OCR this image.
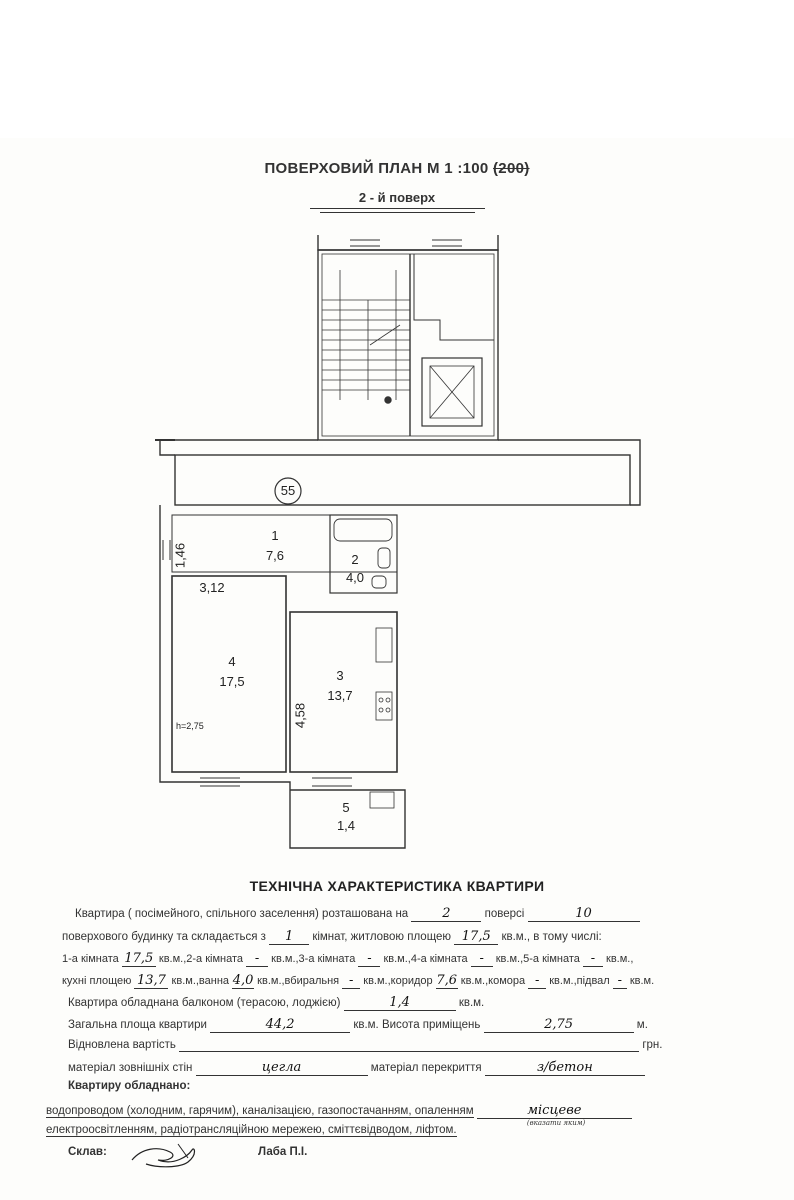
ПОВЕРХОВИЙ ПЛАН М 1 :100 (200)
2 - й поверх
55
1
7,6	2
4,0
3
13,7
4
17,5
5
1,4
1,46
3,12
4,58
h=2,75
ТЕХНІЧНА ХАРАКТЕРИСТИКА КВАРТИРИ
Квартира ( посімейного, спільного заселення) розташована на	2	поверсі	10
поверхового будинку та складається з 1 кімнат, житловою площею 17,5 кв.м., в тому числі:
1-а кімната 17,5 кв.м.,2-а кімната - кв.м.,3-а кімната - кв.м.,4-а кімната - кв.м.,5-а кімната - кв.м.,
кухні площею 13,7 кв.м.,ванна 4,0 кв.м.,вбиральня - кв.м.,коридор 7,6 кв.м.,комора - кв.м.,підвал - кв.м.
Квартира обладнана балконом (терасою, лоджією)	1,4	кв.м.
Загальна площа квартири	44,2	кв.м. Висота приміщень	2,75	м.
Відновлена вартість	грн.
матеріал зовнішніх стін	цегла	матеріал перекриття	з/бетон
Квартиру обладнано:
водопроводом (холодним, гарячим), каналізацією, газопостачанням, опаленням	місцеве
(вказати яким)
електроосвітленням, радіотрансляційною мережею, сміттєвідводом, ліфтом.
Склав:	Лаба П.І.
